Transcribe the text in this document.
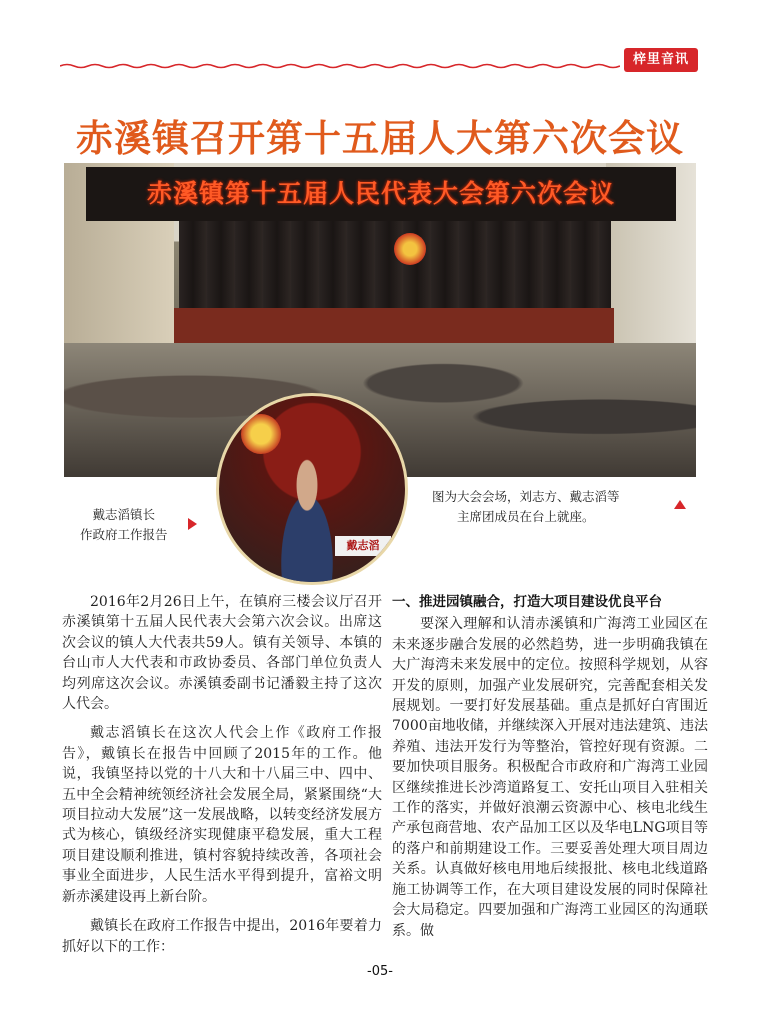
梓里音讯
赤溪镇召开第十五届人大第六次会议
赤溪镇第十五届人民代表大会第六次会议
戴志滔
戴志滔镇长
作政府工作报告
图为大会会场，刘志方、戴志滔等
主席团成员在台上就座。

2016年2月26日上午，在镇府三楼会议厅召开赤溪镇第十五届人民代表大会第六次会议。出席这次会议的镇人大代表共59人。镇有关领导、本镇的台山市人大代表和市政协委员、各部门单位负责人均列席这次会议。赤溪镇委副书记潘毅主持了这次人代会。

戴志滔镇长在这次人代会上作《政府工作报告》，戴镇长在报告中回顾了2015年的工作。他说，我镇坚持以党的十八大和十八届三中、四中、五中全会精神统领经济社会发展全局，紧紧围绕“大项目拉动大发展”这一发展战略，以转变经济发展方式为核心，镇级经济实现健康平稳发展，重大工程项目建设顺利推进，镇村容貌持续改善，各项社会事业全面进步，人民生活水平得到提升，富裕文明新赤溪建设再上新台阶。

戴镇长在政府工作报告中提出，2016年要着力抓好以下的工作：

一、推进园镇融合，打造大项目建设优良平台

要深入理解和认清赤溪镇和广海湾工业园区在未来逐步融合发展的必然趋势，进一步明确我镇在大广海湾未来发展中的定位。按照科学规划，从容开发的原则，加强产业发展研究，完善配套相关发展规划。一要打好发展基础。重点是抓好白宵围近7000亩地收储，并继续深入开展对违法建筑、违法养殖、违法开发行为等整治，管控好现有资源。二要加快项目服务。积极配合市政府和广海湾工业园区继续推进长沙湾道路复工、安托山项目入驻相关工作的落实，并做好浪潮云资源中心、核电北线生产承包商营地、农产品加工区以及华电LNG项目等的落户和前期建设工作。三要妥善处理大项目周边关系。认真做好核电用地后续报批、核电北线道路施工协调等工作，在大项目建设发展的同时保障社会大局稳定。四要加强和广海湾工业园区的沟通联系。做

-05-
